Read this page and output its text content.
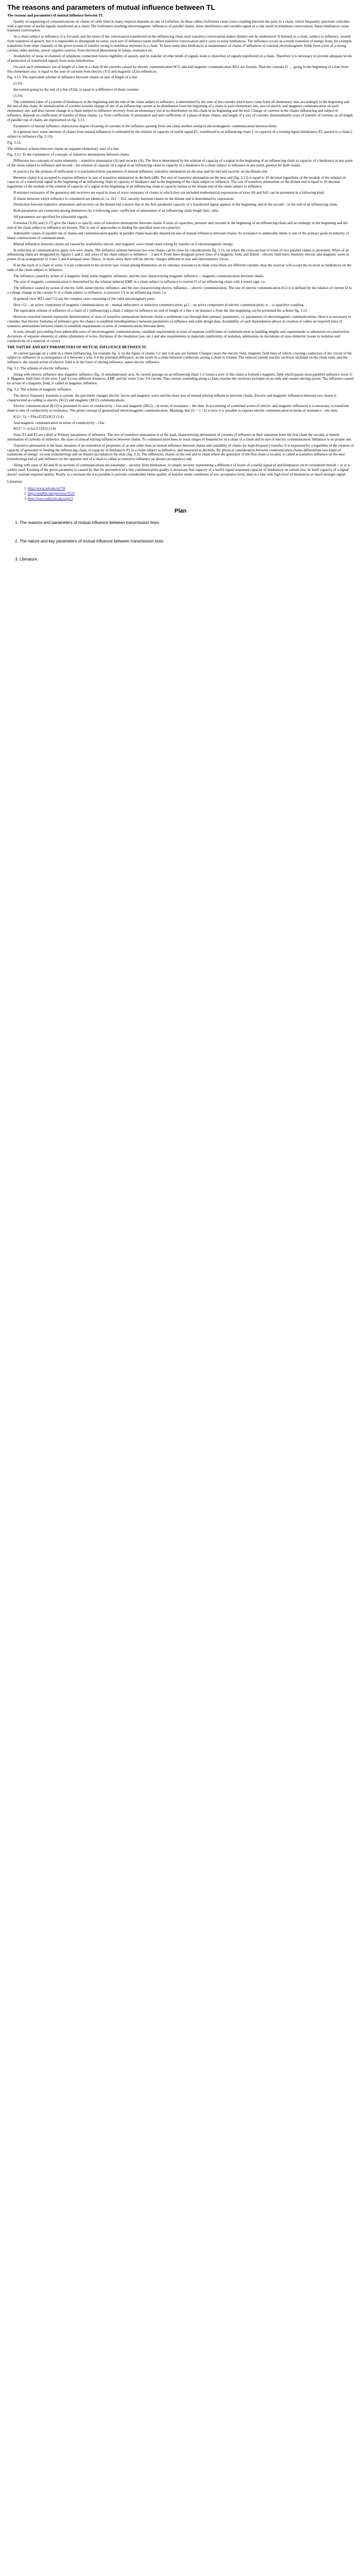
The reasons and parameters of mutual influence between TL
The reasons and parameters of mutual influence between TL
Quality of organizing of communications on chains of cable lines in many respects depends on rate of forfeiture. In these cables forfeitures cause cross-coupling between the pairs in a chain, which frequently spectrum coincides with a spectrum of useful signals transferred on a chain. The forfeitures resulting electromagnetic influences of parallel chains, noise interference and variable signal as a rule result in telephone conversation, linear hindrances cause transient conversation.
At a chain subject to influence, it is forward, and the sense of the conversation transferred on the influencing chain such transitive conversation makes distinct one be understood. If listened to a chain, subject to influence, sounds from transitive of speech, but it is impossible to distinguish its sense, such sort of influence name muffled transitive conversation and it carry to noise hindrances. The influence occurs as a result transition of energy from, for example transitions from other channels of the given system of transfer owing to nonlinear elements in a chain. To have some idea hindrances at maintenance of chains of influences of external electromagnetic fields from a line of a strong current, radio stations, power supplies sources, from electrical phenomena in lamps, resistance etc.
Availability of noise in channels of telephone connection lowers legibility of speech, and by transfer of other kinds of signals leads to distortion of signals transferred on a chain. Therefore it is necessary to provide adequate levels of protection of transferred signals from noise interference.
On each such elementary site of length of a line in a chain II the currents caused by electric communication W12 and and magnetic communication M12 are formed. Then the currents I1 … going to the beginning of a line from this elementary site, is equal to the sum of currents from electric (Y2) and magnetic (Z2e) influences:
Fig. 3.13. The equivalent scheme of influence between chains on unit of length of a line
(3.16)
the current going by the end of a line (Z2d), is equal to a difference of these currents:
(3.16)
The combined value of a current of hindrances in the beginning and the end of the chain subject to influence, is determined by the sum of the currents which have come from all elementary sites accordingly to the beginning and the end of this chain. At normalization of currents transfer change of site of an influencing current at its distribution from the beginning of a chain to each elementary site, size of electric and magnetic communication on each elementary site, and also current change in a chain subject to influence on every from an elementary site at its distribution on this chain to its beginning and the end. Change of currents in the chains influencing and subject to influence, depends on coefficients of transfer of these chains, i.e. from coefficients of attenuation and and coefficients of a phase of these chains, and length of a way of currents. Intermediately ways of transfer of currents on all length of parallel run of chains are represented on fig. 3.13.
Parameters of mutual influence characterize degree of easing of currents of the influence passing from one chain another owing to electromagnetic communication between them.
In a general view some intensity of chains from mutual influences is estimated by the relation of capacity of useful signal P1, transferred in an influencing chain 1, to capacity of a noising signal (hindrance) P2, passed to a chain 2 subject to influence (fig. 3.13):
Fig. 3.13.
The influence scheme between chains on separate elementary sites of a line
Fig. 3.13. To the explanatory of concepts of transitive attenuations between chains
Difference two concepts of noise immunity – transitive attenuation (A) and security (A). The first is determined by the relation of capacity of a signal in the beginning of an influencing chain to capacity of a hindrance in any point of the chain subject to influence and second – the relation of capacity of a signal in an influencing chain to capacity of a hindrance in a chain subject to influence in any point, general for both chains.
In practice for the purpose of unification it is normalized three parameters of mutual influence: transitive attenuation on the near and far end and security on the distant end.
Between chains it is accepted to express influence in size of transitive attenuation in decibels (dB). The size of transitive attenuation on the near end (fig. 3.13) is equal to 10 decimal logarithms of the module of the relation of capacity of a transferred signal in the beginning of an influencing chain to capacity of hindrance and in the beginning of the chain subject to influence. The size of transitive attenuation on the distant end is equal to 10 decimal logarithms of the module of the relation of capacity of a signal in the beginning of an influencing chain to capacity noises at the distant end of the chain subject to influence.
If entrance resistance of the generator and receivers are equal in sizes of wave resistance of chains in which they are included mathematical expressions of sizes A0 and Ad1 can be presented in a following kind:
If chains between which influence is considered are identical, i.e. Ze1 = Ze2, security between chains on the distant end is determined by expression:
Distinction between transitive attenuation and security on the distant end consists that in the first parameter capacity of a transferred signal appears in the beginning, and in the second – in the end of an influencing chain.
Both parameters are connected among themselves by a following ratio: coefficient of attenuation of an influencing chain length (km=,dm).
All parameters are specified for sinusoidal signals.
Formulas (3.20) and (3.17) give the chance to specify sizes of transitive attenuations between chains if sizes of capacities, pressure and currents in the beginning of an influencing chain and accordingly in the beginning and the end of the chain subject to influence are known. This is one of approaches to finding the specified sizes on a practice.
Admissible values of parallel run of chains and communication quality at parallel chains basically depend on size of mutual influences between chains. So resistance to admissible limits is one of the primary goals in industry of linear constructions of communication.
Mutual influences between chains are caused by availability electric and magnetic wave round chain wiring by transfer on it electromagnetic energy.
In reduction of communication apply two-wire chains. The influence scheme between two wire chains can be close by considerations fig. 3.13, on which the cross-section of wires of two parallel chains is presented. Wires of an influencing chain are designated by figures 1 and 2, and wires of the chain subject to influence – 3 and 4. From lines designate power lines of a magnetic field, and dotted – electric field lines. Intensity electric and magnetic wave in points of an arrangement of wires 3 and 4 unequal sizes. Hence, in those wires there will be electric charges different in size and electromotive forces.
If on the track of a chain of wires 3-4 are connected to the receiver (are closed among themselves on its entrance resistance) in chain wires there are different currents, thus the receiver will accept the receiver as hindrances on the ends of the chain subject to influence.
The influence caused by action of a magnetic field, name magnetic influence, and the size characterizing magnetic influence, – magnetic communication between chains.
The size of magnetic communication is determined by the relation induced EMF in a chain subject to influence to current I1 of an influencing chain with a return sign, i.e.
The influence caused by action of electric field, name electric influence, and the size characterizing electric influence, – electric communication. The size of electric communication K12 it is defined by the relation of current I2 to a voltage change in the current I1 in a chain subject to influence, to pressure U1 in an influencing chain, i.e.
In general view M12 and C12 are the complex sizes consisting of the valid and imaginary parts:
Here г12 – an active component of magnetic communication; m – mutual inductance or inductive communication; g12 – an active component of electric communication; w – a capacitive coupling.
The equivalent scheme of influence of a chain of 1 (influencing) a chain 2 subject to influence on unit of length of a line x on distance x from the line beginning can be presented the scheme fig. 3.13.
However essential interest represents determination of sizes of transitive attenuations between chains a settlement way through their primary parameters, i.e. parameters of electromagnetic communications. Here it is necessary to consider, that electric formulas of influence give the chance to establish interdependence between parameters of influence and cable design data. Availability of such dependences allows at creation of cables on required sizes of transitive attenuations between chains to establish requirements to sizes of communications between them.
In turn, already proceeding from admissible sizes of electromagnetic communications, establish requirements to sizes of separate coefficients of communication in building lengths and requirements to admission on construction deviations of separate elements of cables (diameters of wires, thickness of the insulation (see, etc.) and also requirements to materials (uniformity of isolation, admissions on deviations of sizes dielectric losses in isolation and conductivity of a material of cover).
THE NATURE AND KEY PARAMETERS OF MUTUAL INFLUENCE BETWEEN TL
At current passage on a cable in a chain (influencing, for example fig. 3, on the figure of chains 1-2 and 3-4) sets are formed. Charges create the electric field, magnetic field lines of which, crossing conductors of the circuit of the subject to influence in a consequence of it between a wire 3-4 the potential difference, as the result in a chain between conductors arising a chain is formed. The induced current reaches receivers included on the chain ends, and the influence, the caused action of electric field is in the form of stirring influence, name electric influence.
Fig. 3.1. The scheme of electric influence
Along with electric influence also magnetic influence (fig. 3) simultaneously acts. At current passage on an influencing chain 1-2 round a wire of this chain is formed a magnetic field which passes (non-parallel) influence wires 3-4. Magnetic field lines in the wire 3 and 4 cross different distances, EMF and the wires 3 are 3-4 current. This current, extending along a chain, reaches the receivers included on its ends and creates stirring action. The influence caused by action of a magnetic field, is called as magnetic influence.
Fig. 3.2. The scheme of magnetic influence
The above frequency transmits a current, the percentile changes electric forces and magnetic wave and the more size of mutual stirring influences between chains. Electric and magnetic influences between two chains is characterized according to electric (K12) and magnetic (M12) communications.
Electric communication (K12) is presented in sizes of conductivity – Gm and magnetic (M12) – in terms of resistance – the ohm. In accounting of combined action of electric and magnetic influences it is necessary to transform them to unit of conductivity or resistance. The given concept of generalized electromagnetic communication. Meaning, that (G = 1 / Z) is how it is possible to express electric communication in terms of resistance – the ohm:
K12= Gj + FA(ωZ1Z2)/K12 (3.4)
And magnetic communication in terms of conductivity – Om:
M12= i+ ty'(a) Z1/(Z2) (3.4)
Sizes Z1 and Z2 are called or Primary parameters of influence. The size of transitive attenuation is of the load, characterizing attenuation of currents of influence at their transition from the first chain the second, is named attenuation of currents of influence, the sizes of mutual stirring influences between chains. To communication lines in usual ranges of frequencies in a chain of a chain and in size of electric communication. Influence is no proper one.
Transitive attenuation is the basic measure of an estimation of properties of as and cable lines as mutual influence between chains and suitability of chains for high-frequency transfer. It is expressed by a logarithm of the relation of capacity of generator to feeding the influencing chain, to capacity of hindrances P2 in a chain subject to influence, and measured in decibels. By physical consideration between communication chains differentiate two kinds of transitions of energy: on near (transferring) and on distant (acceptance) the ends (fig. 3.3). The influences, chains on the end and to chain where the generator of the first chain is located, is called at transitive influence on the near (transferring) end of and influence on the opposite end of a chain is called as transitive influence on distant (acceptance) end.
Along with sizes of A0 and Al in sections of communications the parameter – security from hindrances, or simply security representing a difference of levels of a useful signal of and hindrances on in considered time/dt + re or is widely used. Existing of the given parameter is caused by that for prevention of a line communication quality is necessary that capacity of a useful signal surpassed capacity of hindrances on certain size. In itself capacity of a signal doesn't warrant required quality. Really, to a increase the it is possible to provide considerably better quality of transfer under conditions of low acceptance level, than in a line with high level of hindrances at much stronger signal.
Literature:
1. http://www.ielcom.ru/7/8
2. http://studfile.net/preview/5523
3. http://www.telecom-ad.ru/pr/3
Plan
1. The reasons and parameters of mutual influence between transmission lines.
2. The nature and key parameters of mutual influence between transmission lines.
3. Literature.
